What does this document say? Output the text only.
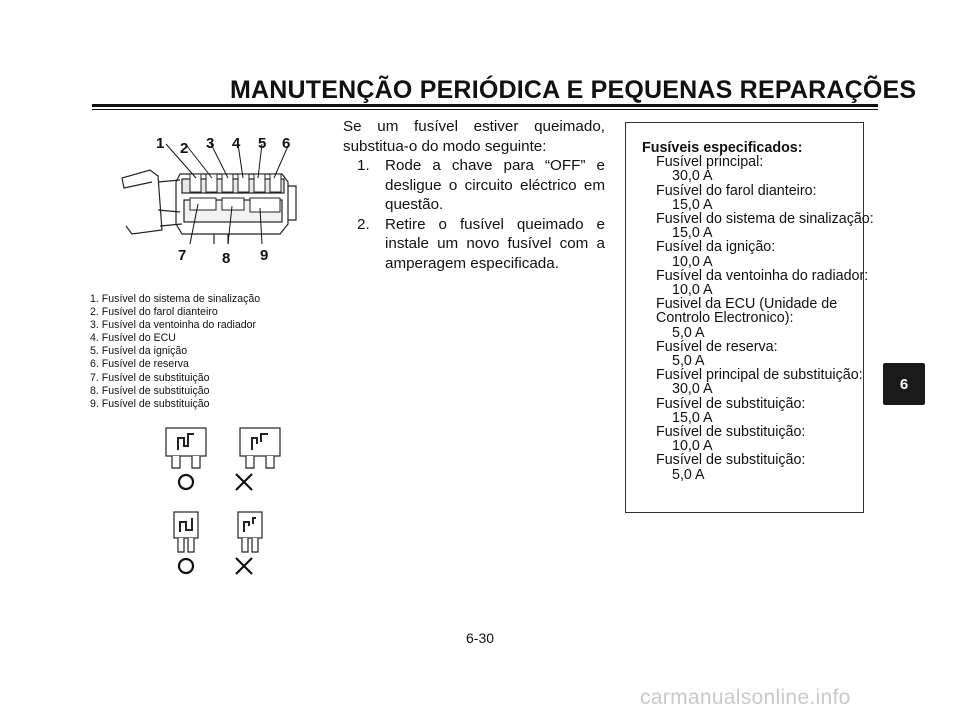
MANUTENÇÃO PERIÓDICA E PEQUENAS REPARAÇÕES
1 2 3 4 5 6
7 8 9
1. Fusível do sistema de sinalização
2. Fusível do farol dianteiro
3. Fusível da ventoinha do radiador
4. Fusível do ECU
5. Fusível da ignição
6. Fusível de reserva
7. Fusível de substituição
8. Fusível de substituição
9. Fusível de substituição
Se um fusível estiver queimado,

substitua-o do modo seguinte:
1. Rode a chave para “OFF” e desligue o circuito eléctrico em questão.
2. Retire o fusível queimado e instale um novo fusível com a amperagem especificada.
Fusíveis especificados:
Fusível principal:
30,0 A
Fusível do farol dianteiro:
15,0 A
Fusível do sistema de sinalização:
15,0 A
Fusível da ignição:
10,0 A
Fusível da ventoinha do radiador:
10,0 A
Fusivel da ECU (Unidade de
Controlo Electronico):
5,0 A
Fusível de reserva:
5,0 A
Fusível principal de substituição:
30,0 A
Fusível de substituição:
15,0 A
Fusível de substituição:
10,0 A
Fusível de substituição:
5,0 A
6
6-30
carmanualsonline.info
